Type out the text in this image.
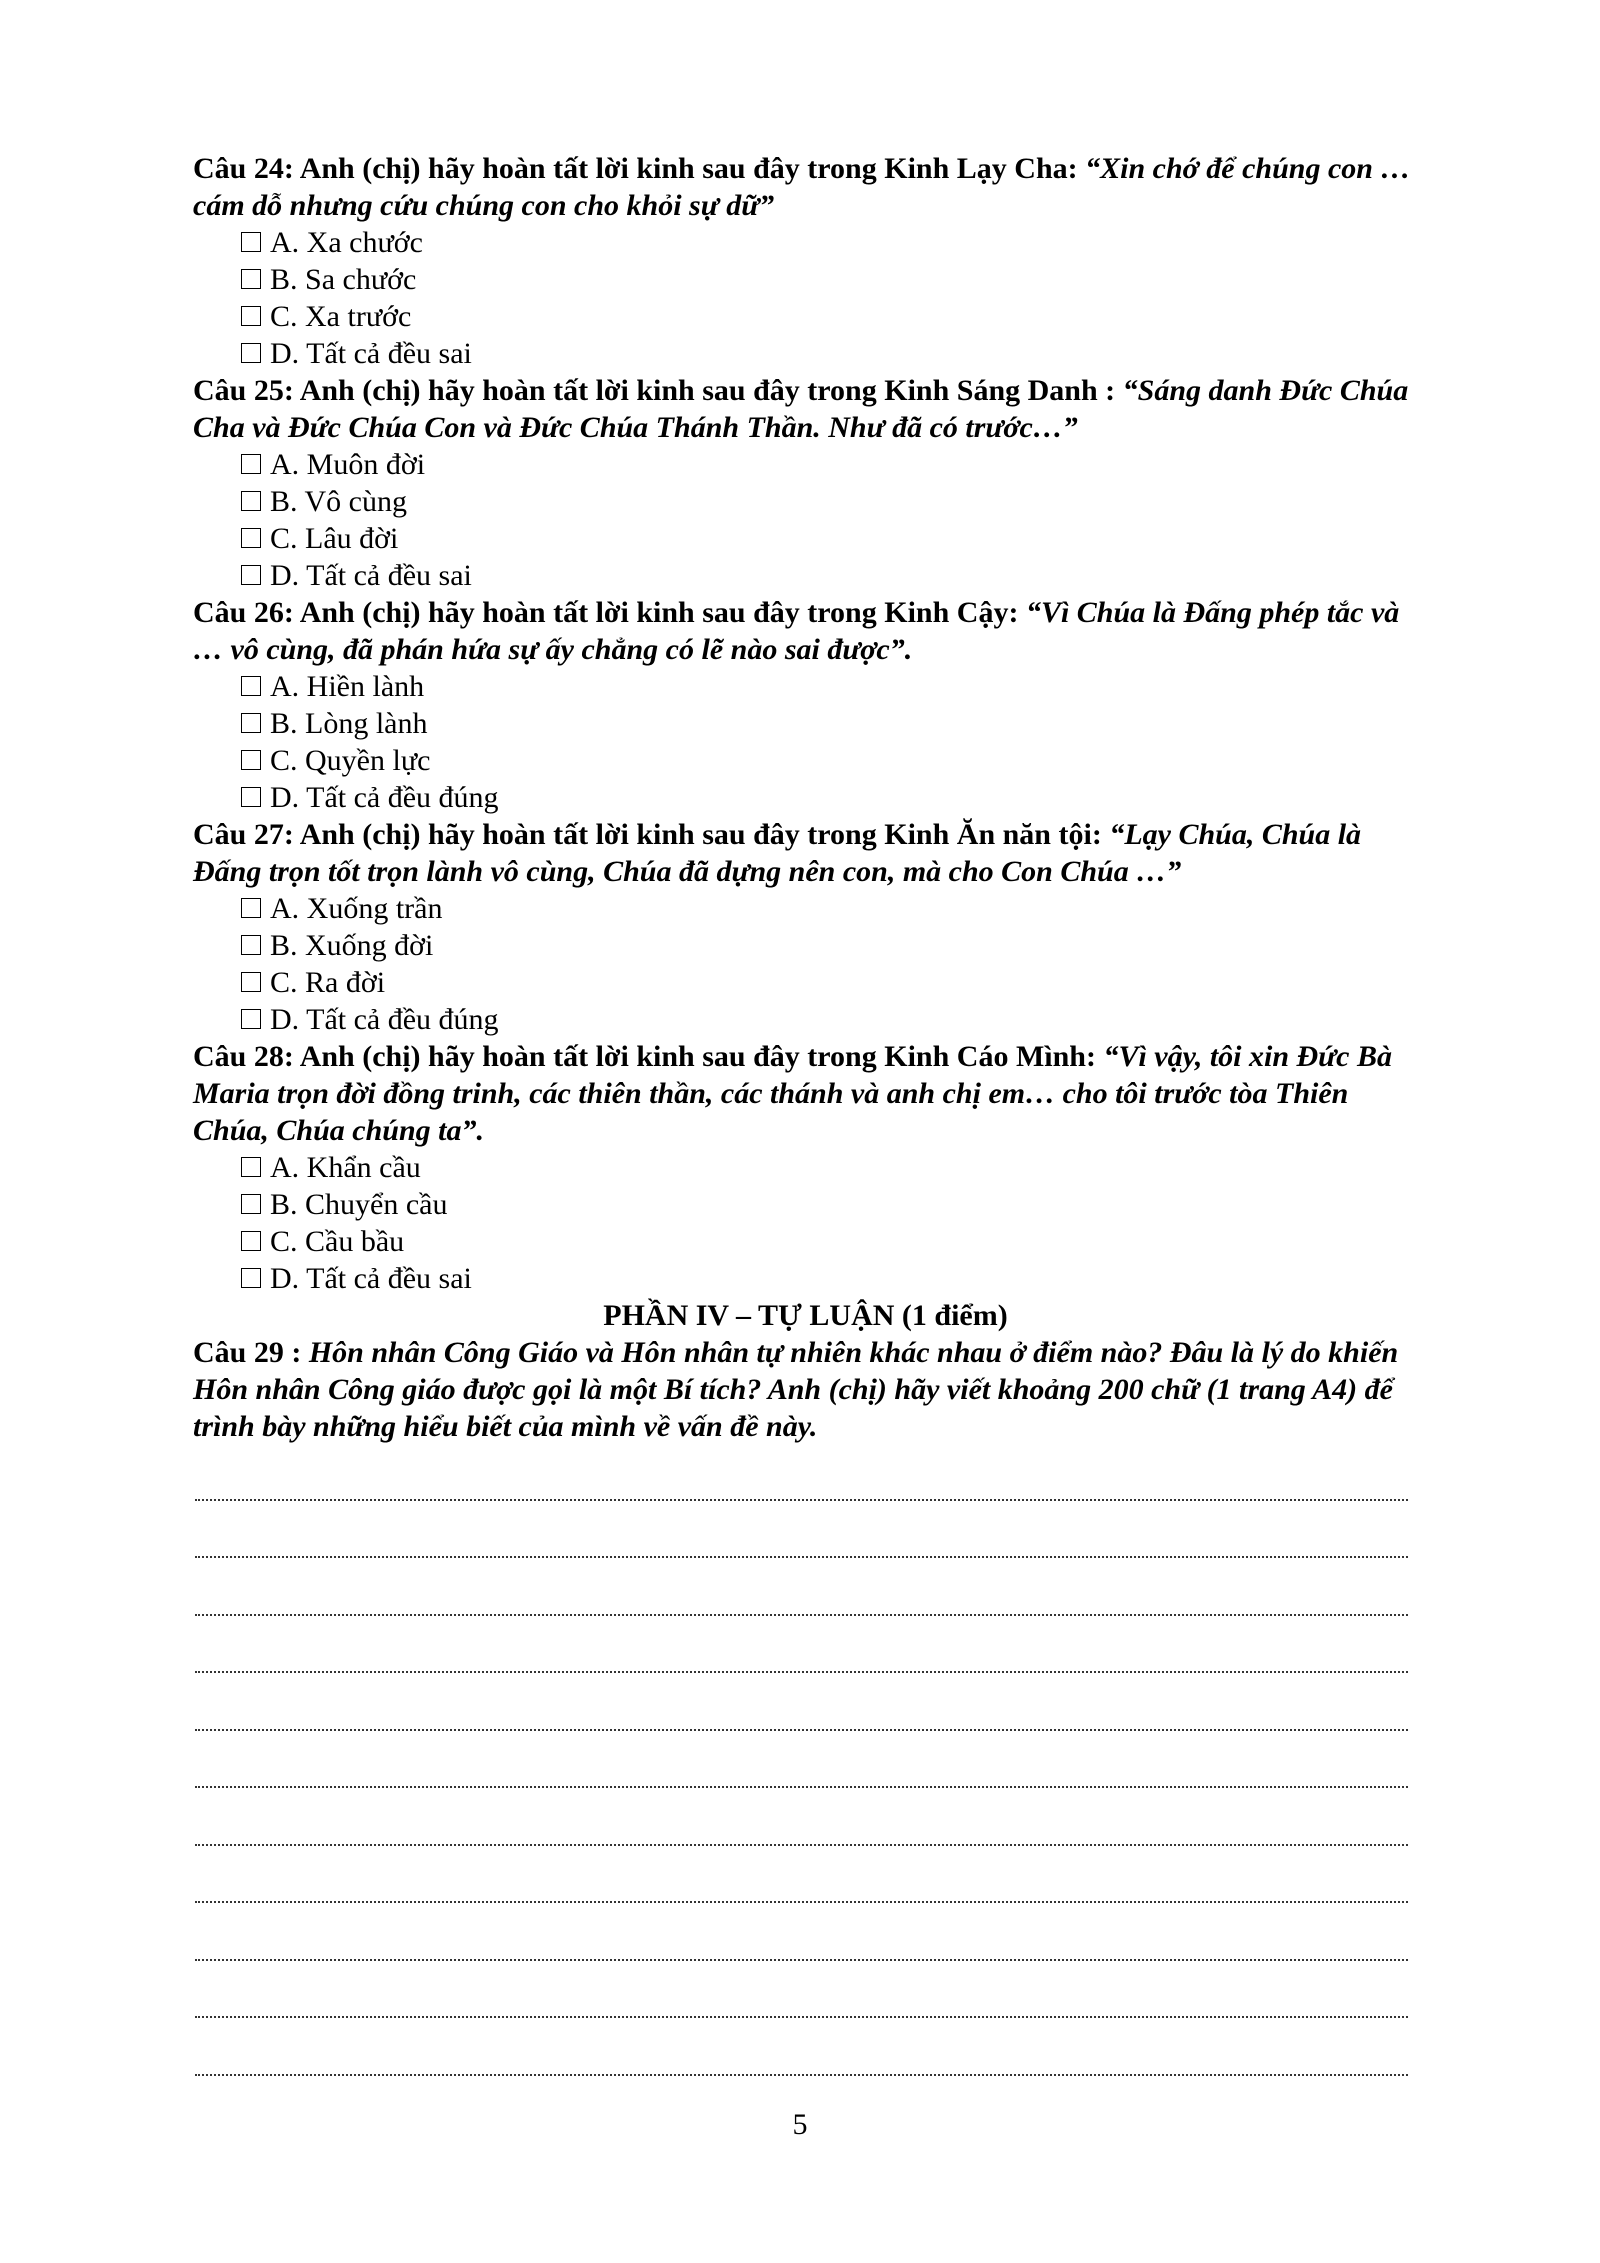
Câu 24: Anh (chị) hãy hoàn tất lời kinh sau đây trong Kinh Lạy Cha: “Xin chớ để chúng con … cám dỗ nhưng cứu chúng con cho khỏi sự dữ”

A. Xa chước
B. Sa chước
C. Xa trước
D. Tất cả đều sai

Câu 25: Anh (chị) hãy hoàn tất lời kinh sau đây trong Kinh Sáng Danh : “Sáng danh Đức Chúa Cha và Đức Chúa Con và Đức Chúa Thánh Thần. Như đã có trước…”

A. Muôn đời
B. Vô cùng
C. Lâu đời
D. Tất cả đều sai

Câu 26: Anh (chị) hãy hoàn tất lời kinh sau đây trong Kinh Cậy: “Vì Chúa là Đấng phép tắc và … vô cùng, đã phán hứa sự ấy chẳng có lẽ nào sai được”.

A. Hiền lành
B. Lòng lành
C. Quyền lực
D. Tất cả đều đúng

Câu 27: Anh (chị) hãy hoàn tất lời kinh sau đây trong Kinh Ăn năn tội: “Lạy Chúa, Chúa là Đấng trọn tốt trọn lành vô cùng, Chúa đã dựng nên con, mà cho Con Chúa …”

A. Xuống trần
B. Xuống đời
C. Ra đời
D. Tất cả đều đúng

Câu 28: Anh (chị) hãy hoàn tất lời kinh sau đây trong Kinh Cáo Mình: “Vì vậy, tôi xin Đức Bà Maria trọn đời đồng trinh, các thiên thần, các thánh và anh chị em… cho tôi trước tòa Thiên Chúa, Chúa chúng ta”.

A. Khẩn cầu
B. Chuyển cầu
C. Cầu bầu
D. Tất cả đều sai

PHẦN IV – TỰ LUẬN (1 điểm)

Câu 29 : Hôn nhân Công Giáo và Hôn nhân tự nhiên khác nhau ở điểm nào? Đâu là lý do khiến Hôn nhân Công giáo được gọi là một Bí tích? Anh (chị) hãy viết khoảng 200 chữ (1 trang A4) để trình bày những hiểu biết của mình về vấn đề này.

5
